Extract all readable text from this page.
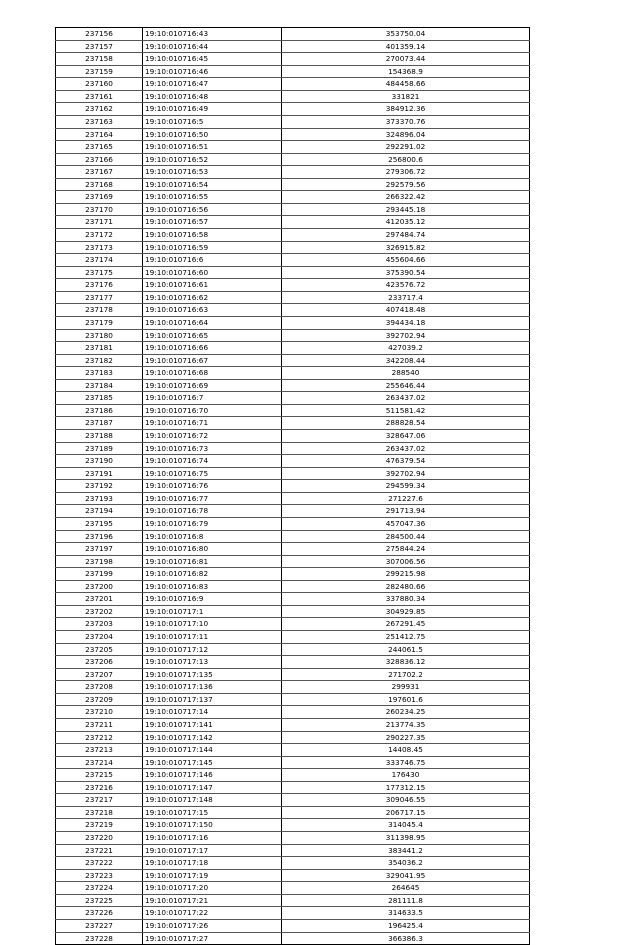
237156	19:10:010716:43	353750.04
237157	19:10:010716:44	401359.14
237158	19:10:010716:45	270073.44
237159	19:10:010716:46	154368.9
237160	19:10:010716:47	484458.66
237161	19:10:010716:48	331821
237162	19:10:010716:49	384912.36
237163	19:10:010716:5	373370.76
237164	19:10:010716:50	324896.04
237165	19:10:010716:51	292291.02
237166	19:10:010716:52	256800.6
237167	19:10:010716:53	279306.72
237168	19:10:010716:54	292579.56
237169	19:10:010716:55	266322.42
237170	19:10:010716:56	293445.18
237171	19:10:010716:57	412035.12
237172	19:10:010716:58	297484.74
237173	19:10:010716:59	326915.82
237174	19:10:010716:6	455604.66
237175	19:10:010716:60	375390.54
237176	19:10:010716:61	423576.72
237177	19:10:010716:62	233717.4
237178	19:10:010716:63	407418.48
237179	19:10:010716:64	394434.18
237180	19:10:010716:65	392702.94
237181	19:10:010716:66	427039.2
237182	19:10:010716:67	342208.44
237183	19:10:010716:68	288540
237184	19:10:010716:69	255646.44
237185	19:10:010716:7	263437.02
237186	19:10:010716:70	511581.42
237187	19:10:010716:71	288828.54
237188	19:10:010716:72	328647.06
237189	19:10:010716:73	263437.02
237190	19:10:010716:74	476379.54
237191	19:10:010716:75	392702.94
237192	19:10:010716:76	294599.34
237193	19:10:010716:77	271227.6
237194	19:10:010716:78	291713.94
237195	19:10:010716:79	457047.36
237196	19:10:010716:8	284500.44
237197	19:10:010716:80	275844.24
237198	19:10:010716:81	307006.56
237199	19:10:010716:82	299215.98
237200	19:10:010716:83	282480.66
237201	19:10:010716:9	337880.34
237202	19:10:010717:1	304929.85
237203	19:10:010717:10	267291.45
237204	19:10:010717:11	251412.75
237205	19:10:010717:12	244061.5
237206	19:10:010717:13	328836.12
237207	19:10:010717:135	271702.2
237208	19:10:010717:136	299931
237209	19:10:010717:137	197601.6
237210	19:10:010717:14	260234.25
237211	19:10:010717:141	213774.35
237212	19:10:010717:142	290227.35
237213	19:10:010717:144	14408.45
237214	19:10:010717:145	333746.75
237215	19:10:010717:146	176430
237216	19:10:010717:147	177312.15
237217	19:10:010717:148	309046.55
237218	19:10:010717:15	206717.15
237219	19:10:010717:150	314045.4
237220	19:10:010717:16	311398.95
237221	19:10:010717:17	383441.2
237222	19:10:010717:18	354036.2
237223	19:10:010717:19	329041.95
237224	19:10:010717:20	264645
237225	19:10:010717:21	281111.8
237226	19:10:010717:22	314633.5
237227	19:10:010717:26	196425.4
237228	19:10:010717:27	366386.3
